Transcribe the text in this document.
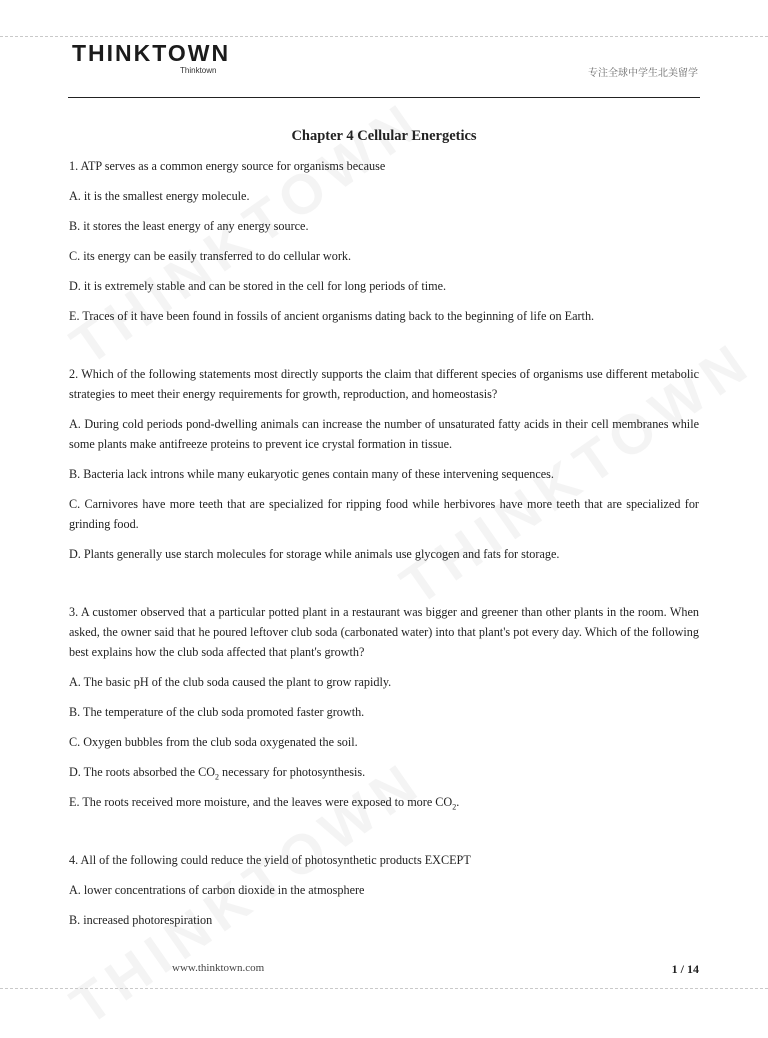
THINKTOWN
Thinktown	专注全球中学生北美留学
Chapter 4 Cellular Energetics

1. ATP serves as a common energy source for organisms because

A. it is the smallest energy molecule.

B. it stores the least energy of any energy source.

C. its energy can be easily transferred to do cellular work.

D. it is extremely stable and can be stored in the cell for long periods of time.

E. Traces of it have been found in fossils of ancient organisms dating back to the beginning of life on Earth.

2. Which of the following statements most directly supports the claim that different species of organisms use different metabolic strategies to meet their energy requirements for growth, reproduction, and homeostasis?

A. During cold periods pond-dwelling animals can increase the number of unsaturated fatty acids in their cell membranes while some plants make antifreeze proteins to prevent ice crystal formation in tissue.

B. Bacteria lack introns while many eukaryotic genes contain many of these intervening sequences.

C. Carnivores have more teeth that are specialized for ripping food while herbivores have more teeth that are specialized for grinding food.

D. Plants generally use starch molecules for storage while animals use glycogen and fats for storage.

3. A customer observed that a particular potted plant in a restaurant was bigger and greener than other plants in the room. When asked, the owner said that he poured leftover club soda (carbonated water) into that plant's pot every day. Which of the following best explains how the club soda affected that plant's growth?

A. The basic pH of the club soda caused the plant to grow rapidly.

B. The temperature of the club soda promoted faster growth.

C. Oxygen bubbles from the club soda oxygenated the soil.

D. The roots absorbed the $CO_2$ necessary for photosynthesis.

E. The roots received more moisture, and the leaves were exposed to more $CO_2$.

4. All of the following could reduce the yield of photosynthetic products EXCEPT

A. lower concentrations of carbon dioxide in the atmosphere

B. increased photorespiration

www.thinktown.com	1 / 14
